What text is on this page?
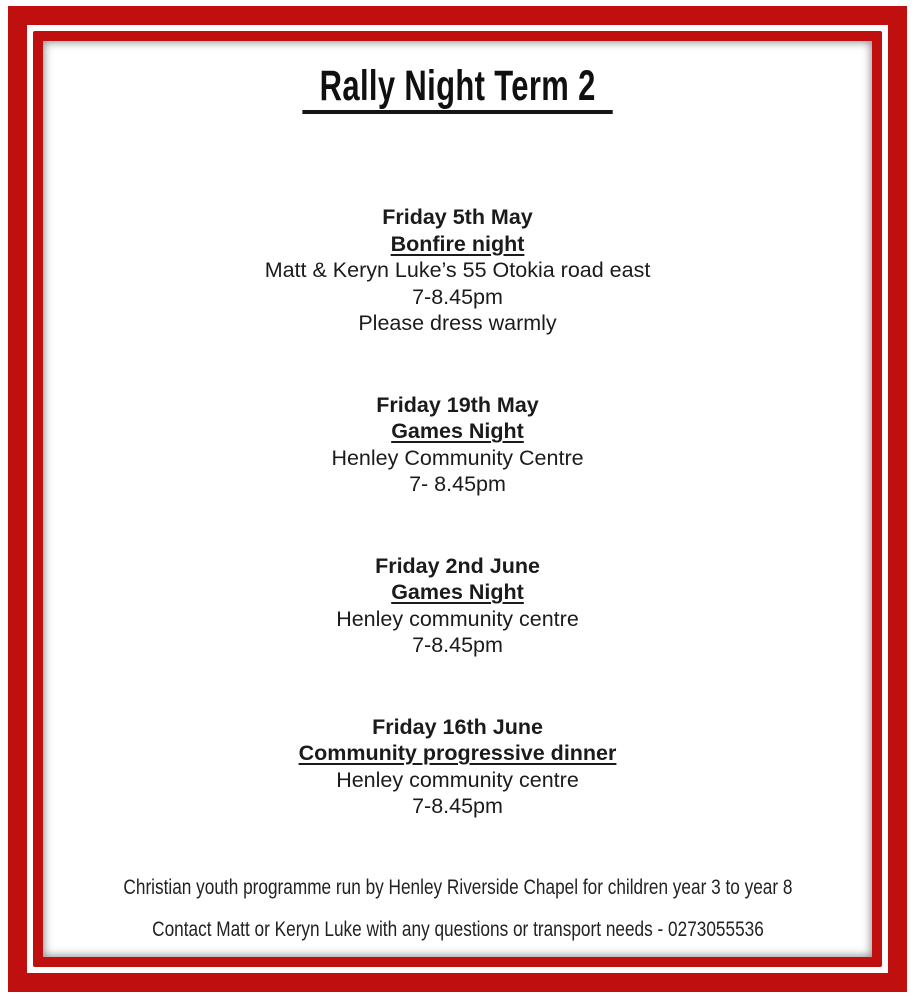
Rally Night Term 2
Friday 5th May
Bonfire night
Matt & Keryn Luke’s 55 Otokia road east
7-8.45pm
Please dress warmly
Friday 19th May
Games Night
Henley Community Centre
7- 8.45pm
Friday 2nd June
Games Night
Henley community centre
7-8.45pm
Friday 16th June
Community progressive dinner
Henley community centre
7-8.45pm

Christian youth programme run by Henley Riverside Chapel for children year 3 to year 8

Contact Matt or Keryn Luke with any questions or transport needs - 0273055536
